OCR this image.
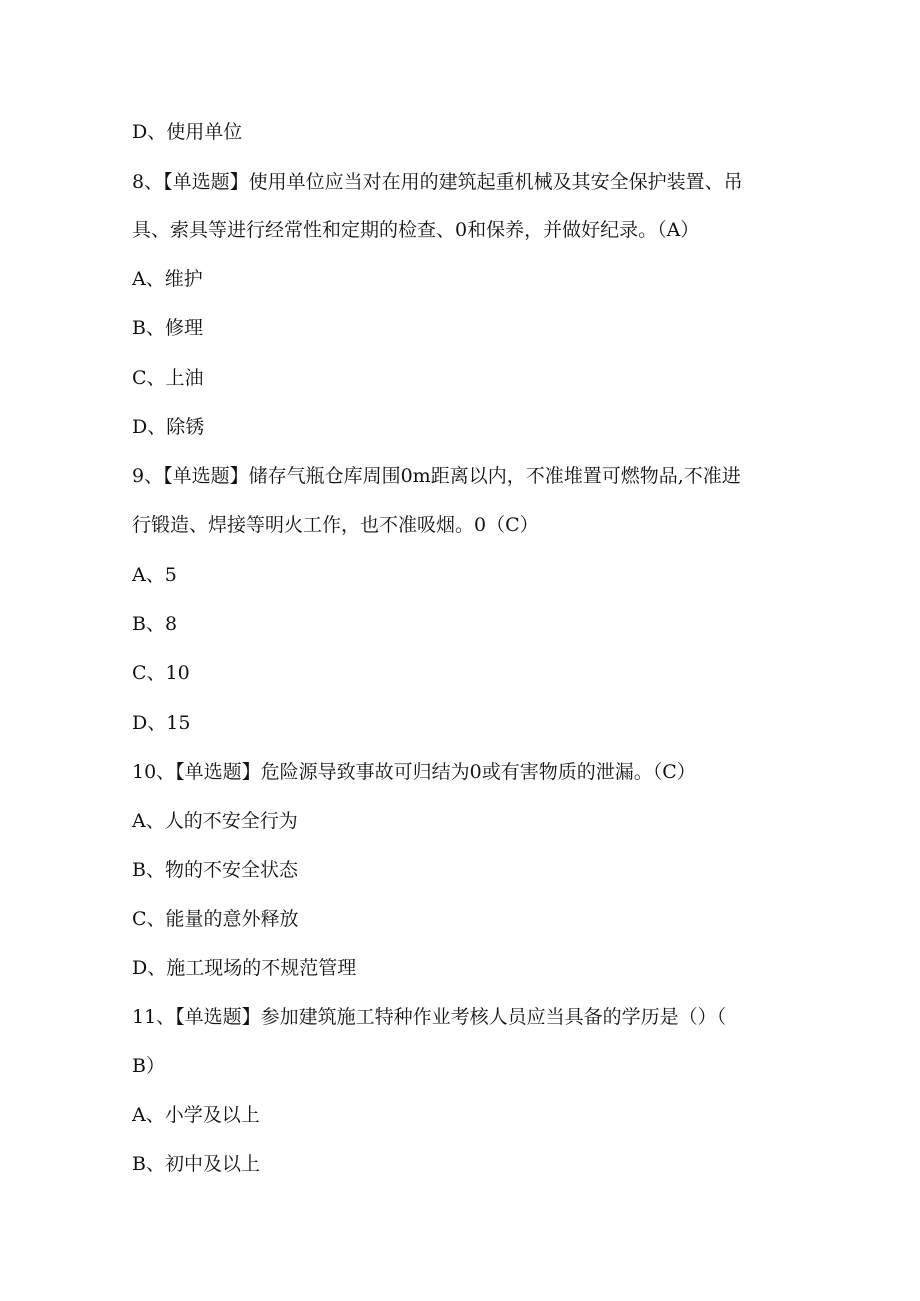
D、使用单位
8、【单选题】使用单位应当对在用的建筑起重机械及其安全保护装置、吊
具、索具等进行经常性和定期的检查、0和保养，并做好纪录。（A）
A、维护
B、修理
C、上油
D、除锈
9、【单选题】储存气瓶仓库周围0m距离以内，不准堆置可燃物品,不准进
行锻造、焊接等明火工作，也不准吸烟。0（C）
A、5
B、8
C、10
D、15
10、【单选题】危险源导致事故可归结为0或有害物质的泄漏。（C）
A、人的不安全行为
B、物的不安全状态
C、能量的意外释放
D、施工现场的不规范管理
11、【单选题】参加建筑施工特种作业考核人员应当具备的学历是（）（
B）
A、小学及以上
B、初中及以上
